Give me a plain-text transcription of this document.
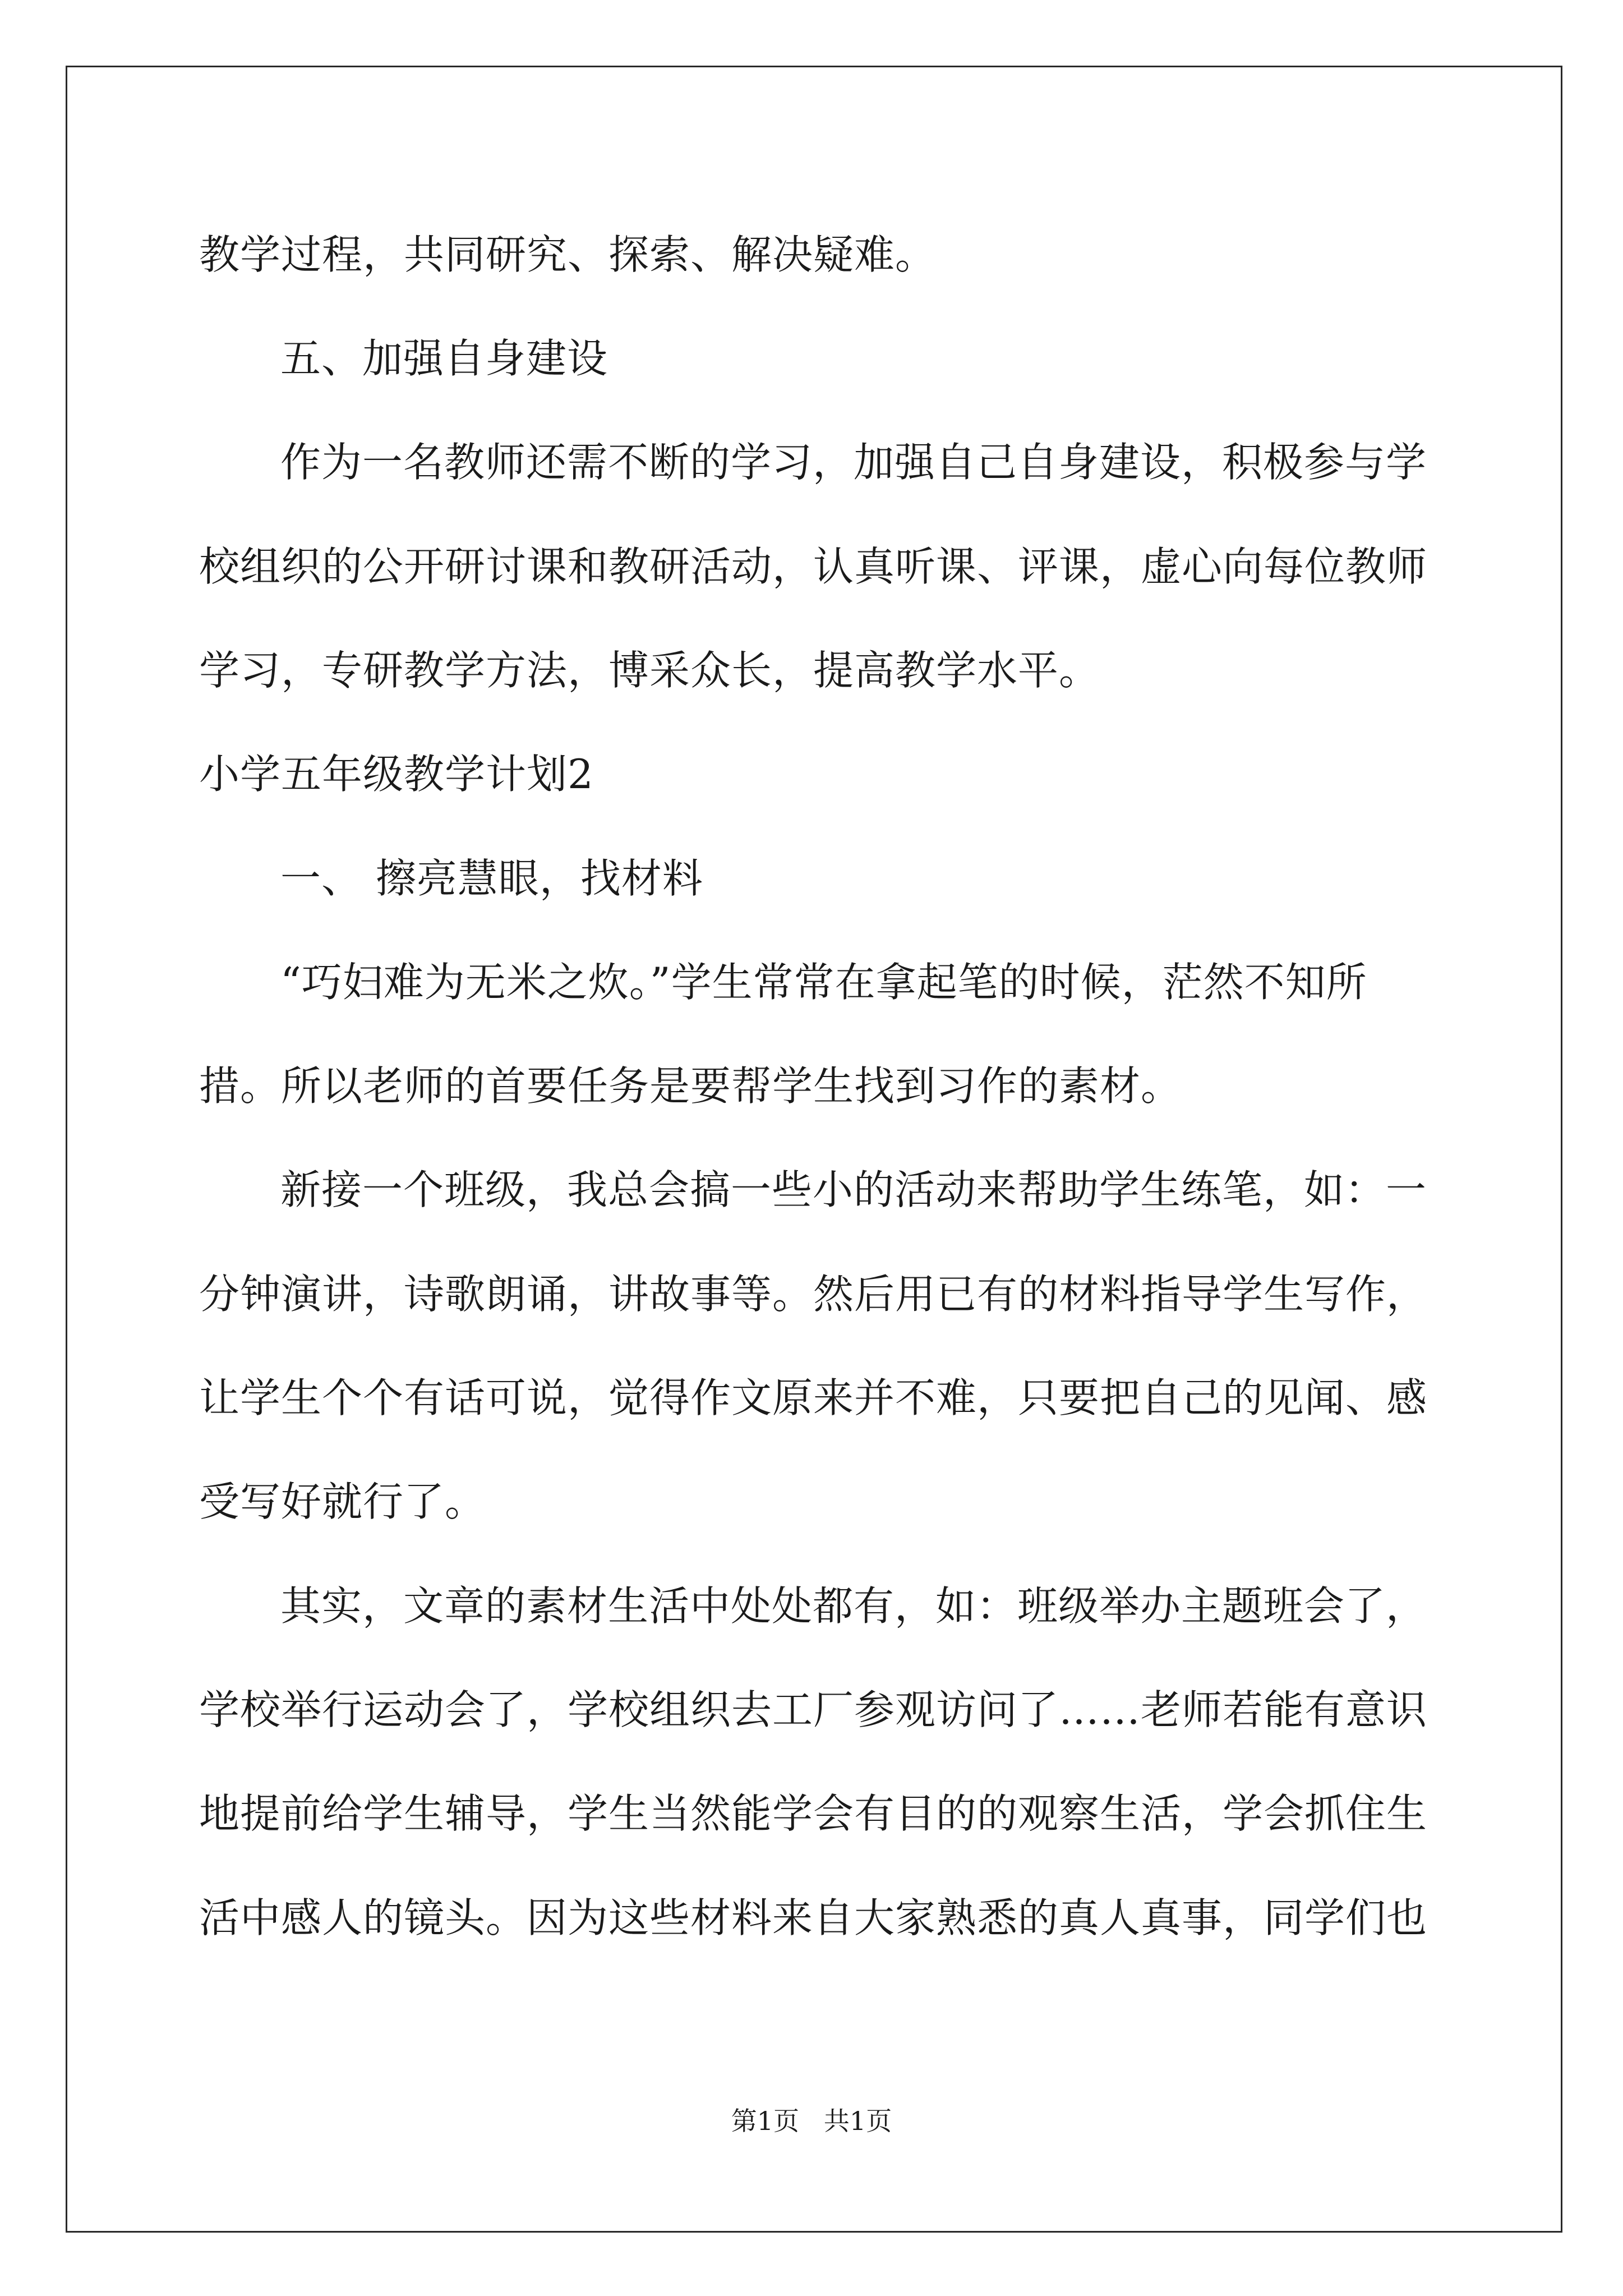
教学过程，共同研究、探索、解决疑难。
五、加强自身建设
作为一名教师还需不断的学习，加强自己自身建设，积极参与学
校组织的公开研讨课和教研活动，认真听课、评课，虚心向每位教师
学习，专研教学方法，博采众长，提高教学水平。
小学五年级教学计划2
一、 擦亮慧眼，找材料
“巧妇难为无米之炊。”学生常常在拿起笔的时候，茫然不知所
措。所以老师的首要任务是要帮学生找到习作的素材。
新接一个班级，我总会搞一些小的活动来帮助学生练笔，如：一
分钟演讲，诗歌朗诵，讲故事等。然后用已有的材料指导学生写作，
让学生个个有话可说，觉得作文原来并不难，只要把自己的见闻、感
受写好就行了。
其实，文章的素材生活中处处都有，如：班级举办主题班会了，
学校举行运动会了，学校组织去工厂参观访问了……老师若能有意识
地提前给学生辅导，学生当然能学会有目的的观察生活，学会抓住生
活中感人的镜头。因为这些材料来自大家熟悉的真人真事，同学们也
第1页   共1页
